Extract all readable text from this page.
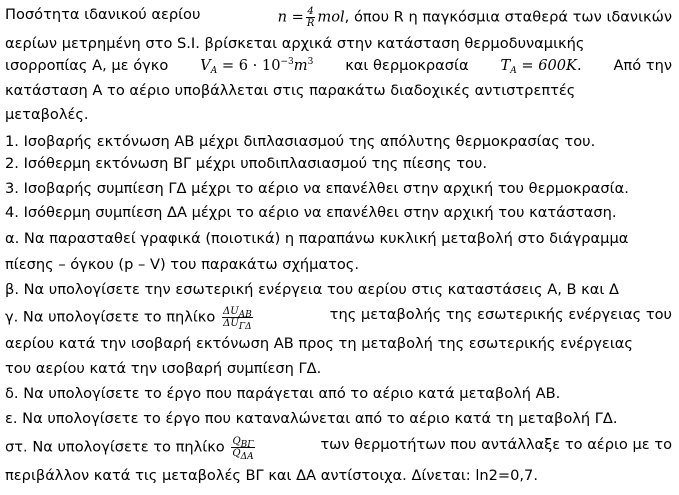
Ποσότητα ιδανικού αερίου	$n = \frac{4}{R}$ mol, όπου R η παγκόσμια σταθερά των ιδανικών
αερίων μετρημένη στο S.I. βρίσκεται αρχικά στην κατάσταση θερμοδυναμικής
ισορροπίας Α, με όγκο $V_A = 6 \cdot 10^{-3}m^3$ και θερμοκρασία $T_A = 600K$. Από την
κατάσταση Α το αέριο υποβάλλεται στις παρακάτω διαδοχικές αντιστρεπτές
μεταβολές.
1. Ισοβαρής εκτόνωση ΑΒ μέχρι διπλασιασμού της απόλυτης θερμοκρασίας του.
2. Ισόθερμη εκτόνωση ΒΓ μέχρι υποδιπλασιασμού της πίεσης του.
3. Ισοβαρής συμπίεση ΓΔ μέχρι το αέριο να επανέλθει στην αρχική του θερμοκρασία.
4. Ισόθερμη συμπίεση ΔΑ μέχρι το αέριο να επανέλθει στην αρχική του κατάσταση.
α. Να παρασταθεί γραφικά (ποιοτικά) η παραπάνω κυκλική μεταβολή στο διάγραμμα
πίεσης – όγκου (p – V) του παρακάτω σχήματος.
β. Να υπολογίσετε την εσωτερική ενέργεια του αερίου στις καταστάσεις Α, Β και Δ
γ. Να υπολογίσετε το πηλίκο $\frac{\Delta U_{AB}}{\Delta U_{\Gamma\Delta}}$	της μεταβολής της εσωτερικής ενέργειας του
αερίου κατά την ισοβαρή εκτόνωση ΑΒ προς τη μεταβολή της εσωτερικής ενέργειας
του αερίου κατά την ισοβαρή συμπίεση ΓΔ.
δ. Να υπολογίσετε το έργο που παράγεται από το αέριο κατά μεταβολή ΑΒ.
ε. Να υπολογίσετε το έργο που καταναλώνεται από το αέριο κατά τη μεταβολή ΓΔ.
στ. Να υπολογίσετε το πηλίκο $\frac{Q_{B\Gamma}}{Q_{\Delta A}}$	των θερμοτήτων που αντάλλαξε το αέριο με το
περιβάλλον κατά τις μεταβολές ΒΓ και ΔΑ αντίστοιχα. Δίνεται: ln2=0,7.
